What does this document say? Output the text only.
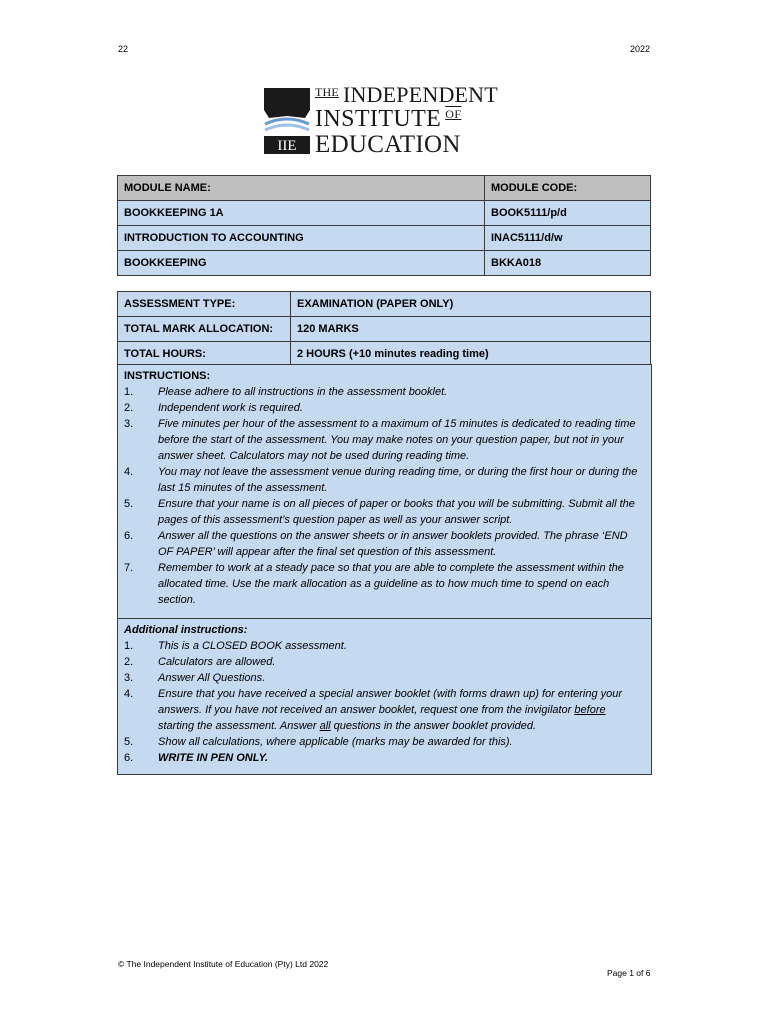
22	2022
IIE
$^{THE}$ INDEPENDENT
INSTITUTE $^{OF}$
EDUCATION
MODULE NAME:	MODULE CODE:
BOOKKEEPING 1A	BOOK5111/p/d
INTRODUCTION TO ACCOUNTING	INAC5111/d/w
BOOKKEEPING	BKKA018
ASSESSMENT TYPE:	EXAMINATION (PAPER ONLY)
TOTAL MARK ALLOCATION:	120 MARKS
TOTAL HOURS:	2 HOURS (+10 minutes reading time)
INSTRUCTIONS:
1.	Please adhere to all instructions in the assessment booklet.
2.	Independent work is required.
3.	Five minutes per hour of the assessment to a maximum of 15 minutes is dedicated to reading time before the start of the assessment. You may make notes on your question paper, but not in your answer sheet. Calculators may not be used during reading time.
4.	You may not leave the assessment venue during reading time, or during the first hour or during the last 15 minutes of the assessment.
5.	Ensure that your name is on all pieces of paper or books that you will be submitting. Submit all the pages of this assessment’s question paper as well as your answer script.
6.	Answer all the questions on the answer sheets or in answer booklets provided. The phrase ‘END OF PAPER’ will appear after the final set question of this assessment.
7.	Remember to work at a steady pace so that you are able to complete the assessment within the allocated time. Use the mark allocation as a guideline as to how much time to spend on each section.
Additional instructions:
1.	This is a CLOSED BOOK assessment.
2.	Calculators are allowed.
3.	Answer All Questions.
4.	Ensure that you have received a special answer booklet (with forms drawn up) for entering your answers. If you have not received an answer booklet, request one from the invigilator before starting the assessment. Answer all questions in the answer booklet provided.
5.	Show all calculations, where applicable (marks may be awarded for this).
6.	WRITE IN PEN ONLY.
© The Independent Institute of Education (Pty) Ltd 2022
Page 1 of 6
